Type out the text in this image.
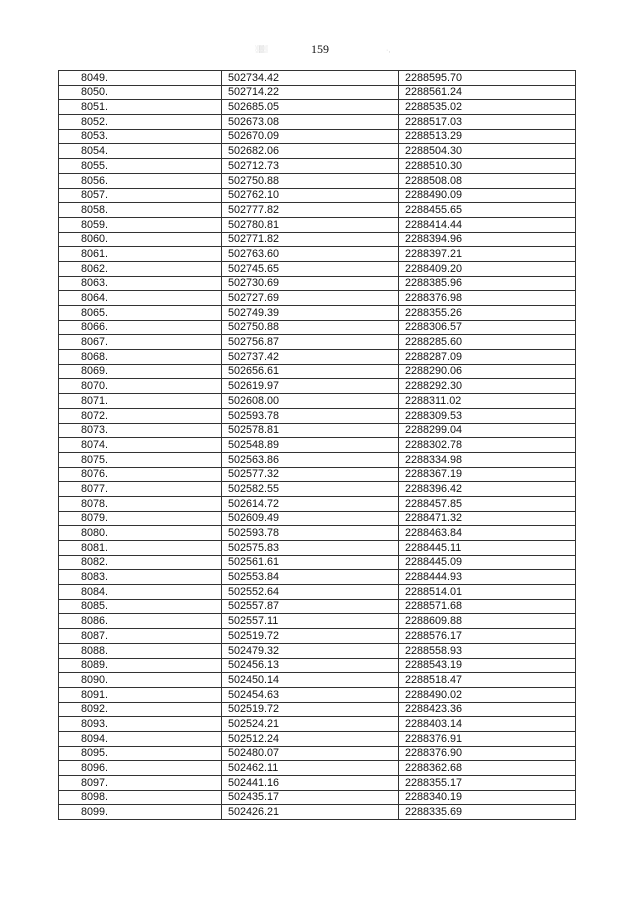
159
░▒░	·,
8049.	502734.42	2288595.70
8050.	502714.22	2288561.24
8051.	502685.05	2288535.02
8052.	502673.08	2288517.03
8053.	502670.09	2288513.29
8054.	502682.06	2288504.30
8055.	502712.73	2288510.30
8056.	502750.88	2288508.08
8057.	502762.10	2288490.09
8058.	502777.82	2288455.65
8059.	502780.81	2288414.44
8060.	502771.82	2288394.96
8061.	502763.60	2288397.21
8062.	502745.65	2288409.20
8063.	502730.69	2288385.96
8064.	502727.69	2288376.98
8065.	502749.39	2288355.26
8066.	502750.88	2288306.57
8067.	502756.87	2288285.60
8068.	502737.42	2288287.09
8069.	502656.61	2288290.06
8070.	502619.97	2288292.30
8071.	502608.00	2288311.02
8072.	502593.78	2288309.53
8073.	502578.81	2288299.04
8074.	502548.89	2288302.78
8075.	502563.86	2288334.98
8076.	502577.32	2288367.19
8077.	502582.55	2288396.42
8078.	502614.72	2288457.85
8079.	502609.49	2288471.32
8080.	502593.78	2288463.84
8081.	502575.83	2288445.11
8082.	502561.61	2288445.09
8083.	502553.84	2288444.93
8084.	502552.64	2288514.01
8085.	502557.87	2288571.68
8086.	502557.11	2288609.88
8087.	502519.72	2288576.17
8088.	502479.32	2288558.93
8089.	502456.13	2288543.19
8090.	502450.14	2288518.47
8091.	502454.63	2288490.02
8092.	502519.72	2288423.36
8093.	502524.21	2288403.14
8094.	502512.24	2288376.91
8095.	502480.07	2288376.90
8096.	502462.11	2288362.68
8097.	502441.16	2288355.17
8098.	502435.17	2288340.19
8099.	502426.21	2288335.69
